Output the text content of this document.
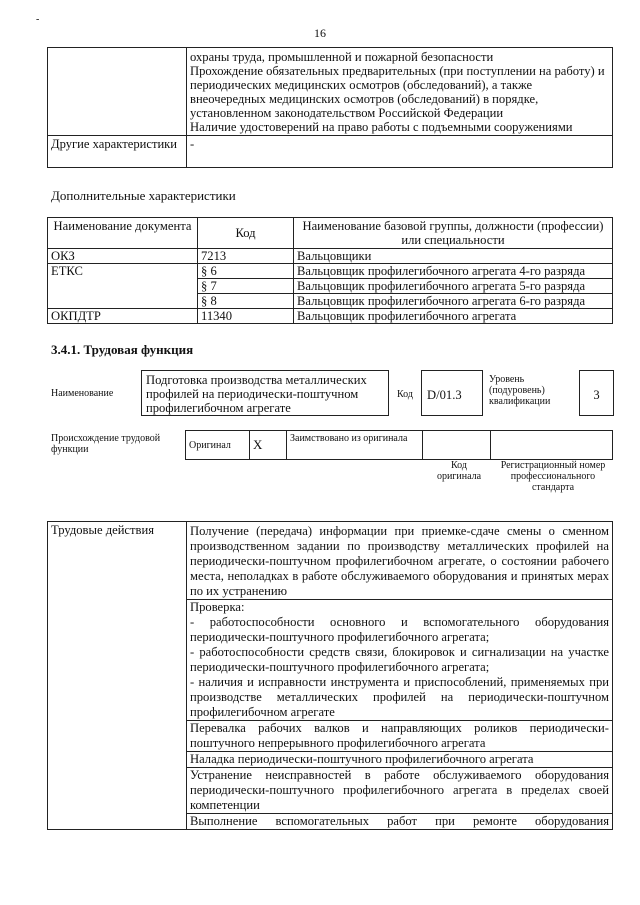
-
16

	охраны труда, промышленной и пожарной безопасности
Прохождение обязательных предварительных (при поступлении на работу) и периодических медицинских осмотров (обследований), а также внеочередных медицинских осмотров (обследований) в порядке, установленном законодательством Российской Федерации
Наличие удостоверений на право работы с подъемными сооружениями

Другие характеристики	-
Дополнительные характеристики
Наименование документа	Код	Наименование базовой группы, должности (профессии) или специальности
ОКЗ	7213	Вальцовщики
ЕТКС	§ 6	Вальцовщик профилегибочного агрегата 4-го разряда
	§ 7	Вальцовщик профилегибочного агрегата 5-го разряда
	§ 8	Вальцовщик профилегибочного агрегата 6-го разряда
ОКПДТР	11340	Вальцовщик профилегибочного агрегата
3.4.1. Трудовая функция
Наименование
Подготовка производства металлических профилей на периодически-поштучном профилегибочном агрегате
Код	D/01.3
Уровень (подуровень) квалификации	3
Происхождение трудовой функции	Оригинал	X	Заимствовано из оригинала		
Код оригинала
Регистрационный номер профессионального стандарта
Трудовые действия	Получение (передача) информации при приемке-сдаче смены о сменном производственном задании по производству металлических профилей на периодически-поштучном профилегибочном агрегате, о состоянии рабочего места, неполадках в работе обслуживаемого оборудования и принятых мерах по их устранению

Проверка:
- работоспособности основного и вспомогательного оборудования периодически-поштучного профилегибочного агрегата;
- работоспособности средств связи, блокировок и сигнализации на участке периодически-поштучного профилегибочного агрегата;
- наличия и исправности инструмента и приспособлений, применяемых при производстве металлических профилей на периодически-поштучном профилегибочном агрегате

Перевалка рабочих валков и направляющих роликов периодически-поштучного непрерывного профилегибочного агрегата
Наладка периодически-поштучного профилегибочного агрегата
Устранение неисправностей в работе обслуживаемого оборудования периодически-поштучного профилегибочного агрегата в пределах своей компетенции
Выполнение вспомогательных работ при ремонте оборудования
